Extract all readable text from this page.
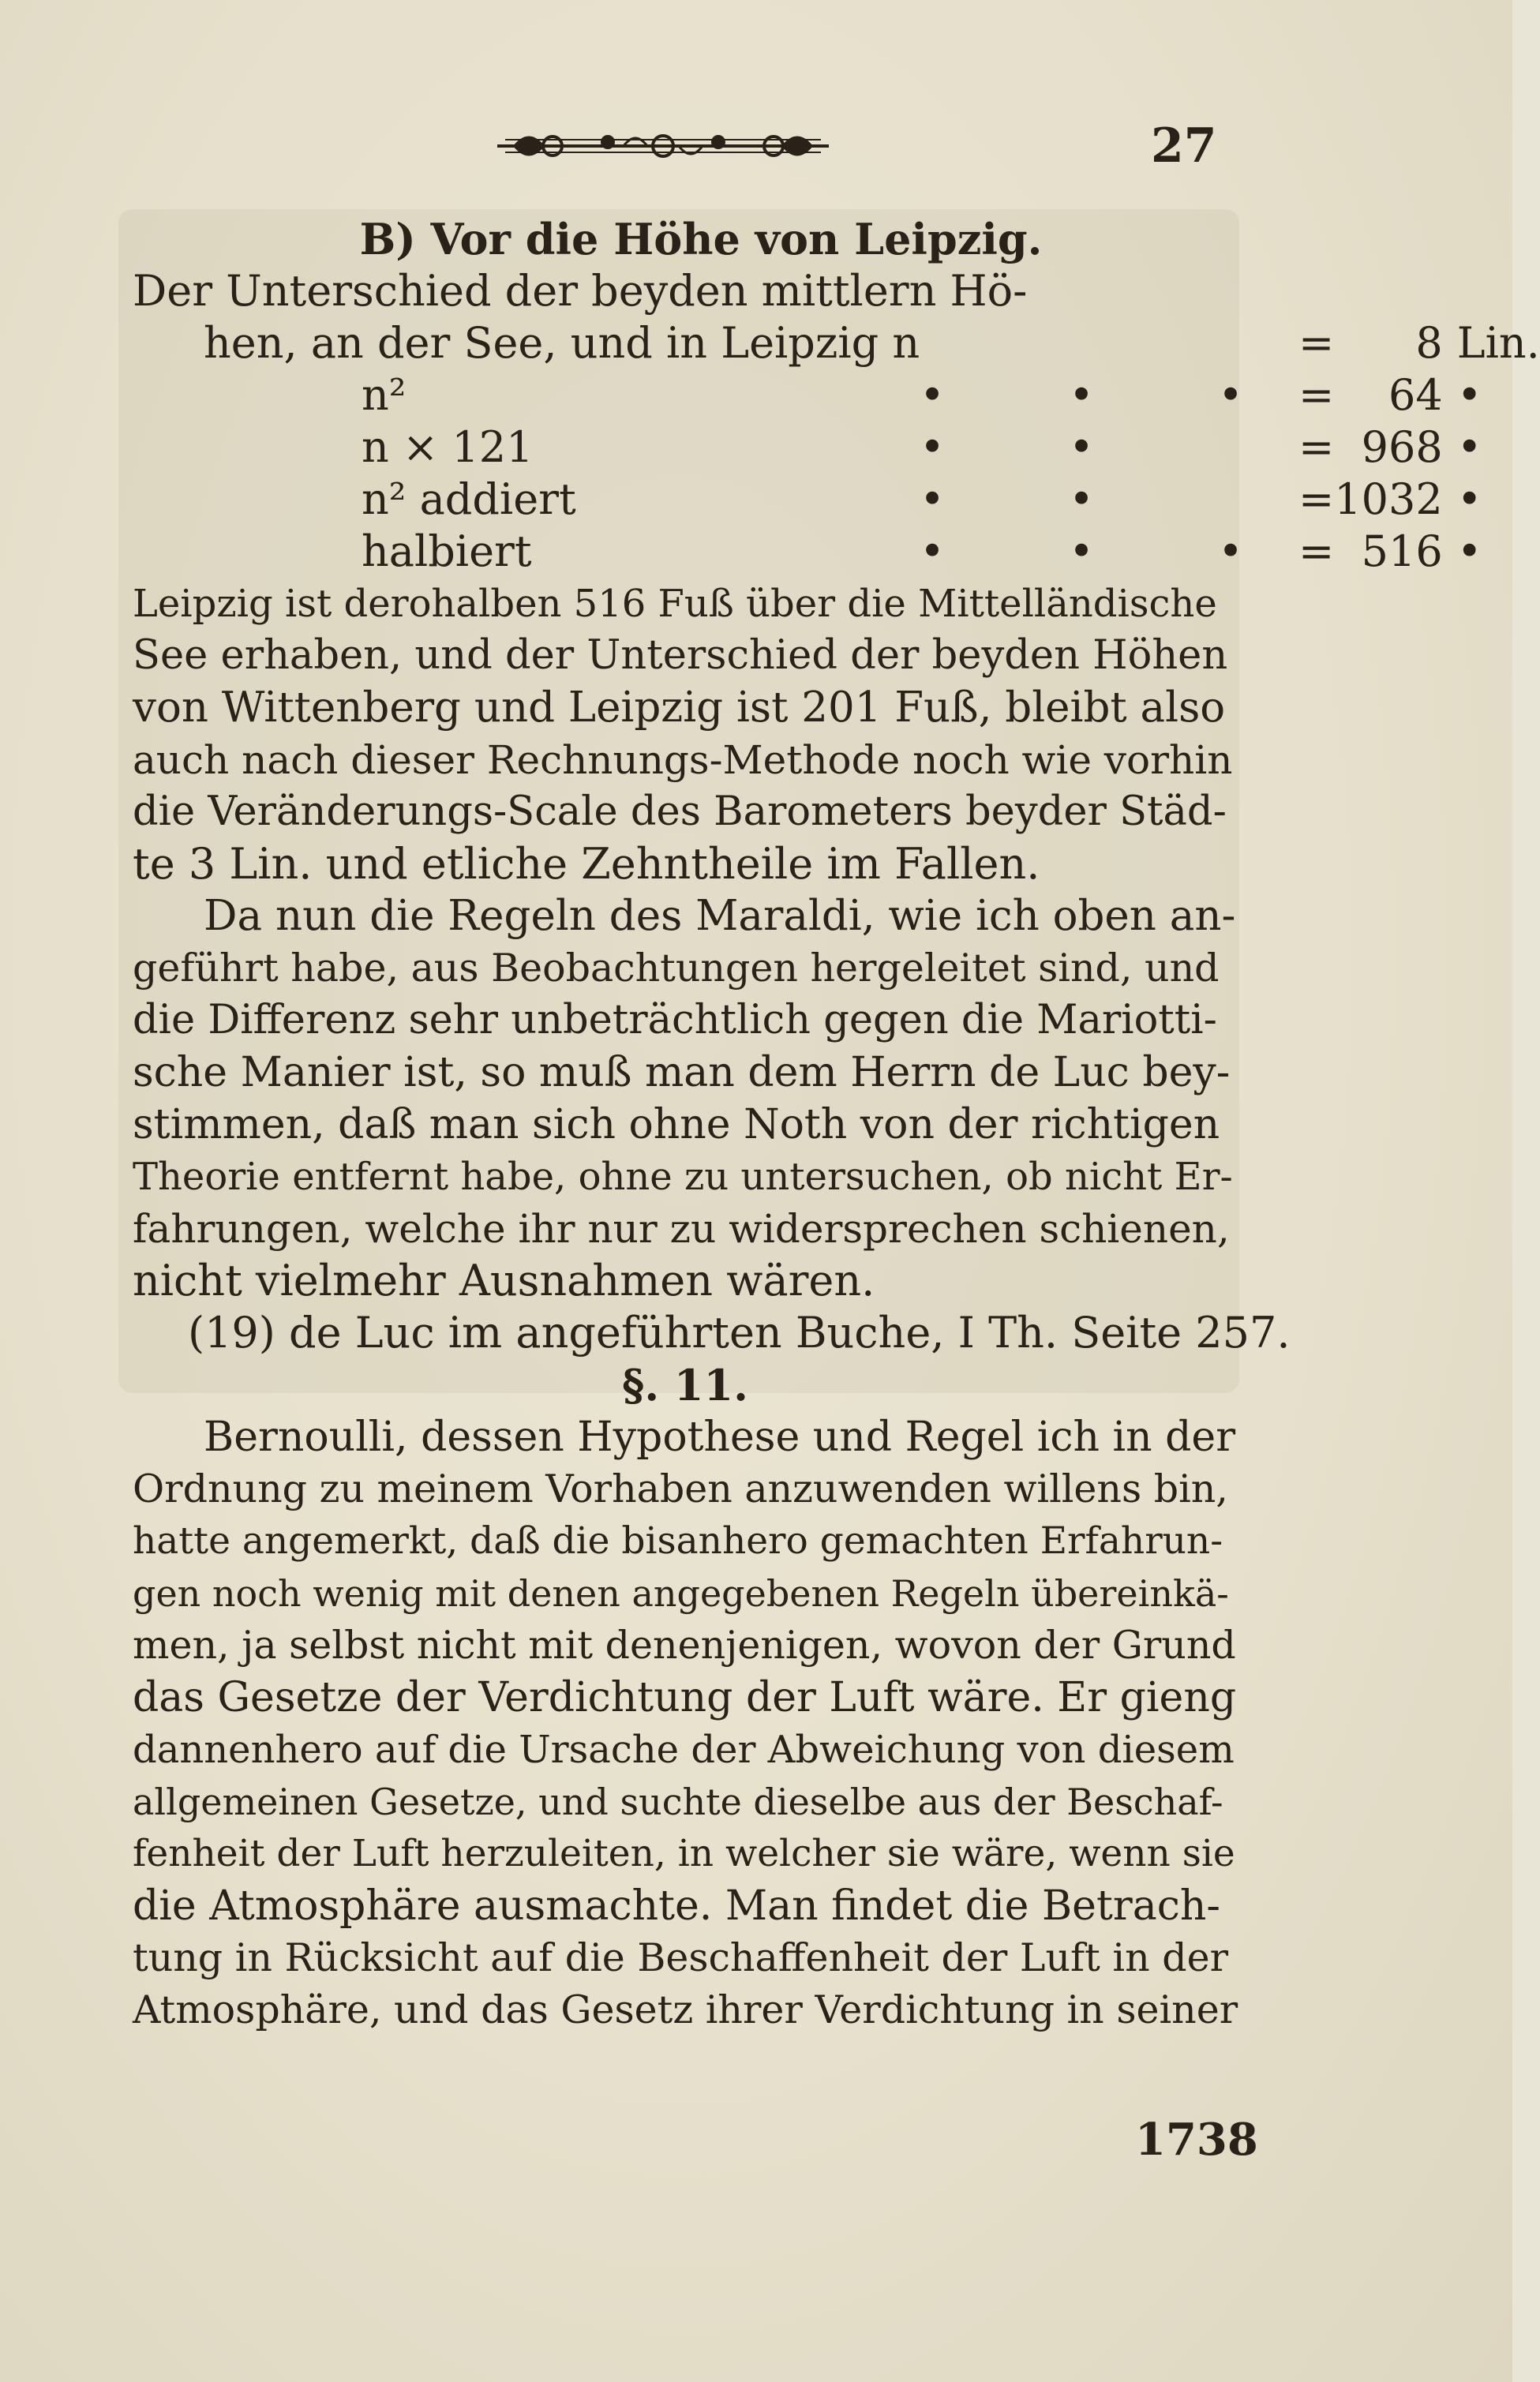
27

B) Vor die Höhe von Leipzig.

Der Unterschied der beyden mittlern Hö-

hen, an der See, und in Leipzig n		=	8	Lin.
n²	• • •	=	64	•
n × 121	• •	=	968	•
n² addiert	• •	=	1032	•
halbiert	• • •	=	516	•

Leipzig ist derohalben 516 Fuß über die Mittelländische

See erhaben, und der Unterschied der beyden Höhen

von Wittenberg und Leipzig ist 201 Fuß, bleibt also

auch nach dieser Rechnungs-Methode noch wie vorhin

die Veränderungs-Scale des Barometers beyder Städ-

te 3 Lin. und etliche Zehntheile im Fallen.

Da nun die Regeln des Maraldi, wie ich oben an-

geführt habe, aus Beobachtungen hergeleitet sind, und

die Differenz sehr unbeträchtlich gegen die Mariotti-

sche Manier ist, so muß man dem Herrn de Luc bey-

stimmen, daß man sich ohne Noth von der richtigen

Theorie entfernt habe, ohne zu untersuchen, ob nicht Er-

fahrungen, welche ihr nur zu widersprechen schienen,

nicht vielmehr Ausnahmen wären.

(19) de Luc im angeführten Buche, I Th. Seite 257.

§. 11.

Bernoulli, dessen Hypothese und Regel ich in der

Ordnung zu meinem Vorhaben anzuwenden willens bin,

hatte angemerkt, daß die bisanhero gemachten Erfahrun-

gen noch wenig mit denen angegebenen Regeln übereinkä-

men, ja selbst nicht mit denenjenigen, wovon der Grund

das Gesetze der Verdichtung der Luft wäre. Er gieng

dannenhero auf die Ursache der Abweichung von diesem

allgemeinen Gesetze, und suchte dieselbe aus der Beschaf-

fenheit der Luft herzuleiten, in welcher sie wäre, wenn sie

die Atmosphäre ausmachte. Man findet die Betrach-

tung in Rücksicht auf die Beschaffenheit der Luft in der

Atmosphäre, und das Gesetz ihrer Verdichtung in seiner

1738
